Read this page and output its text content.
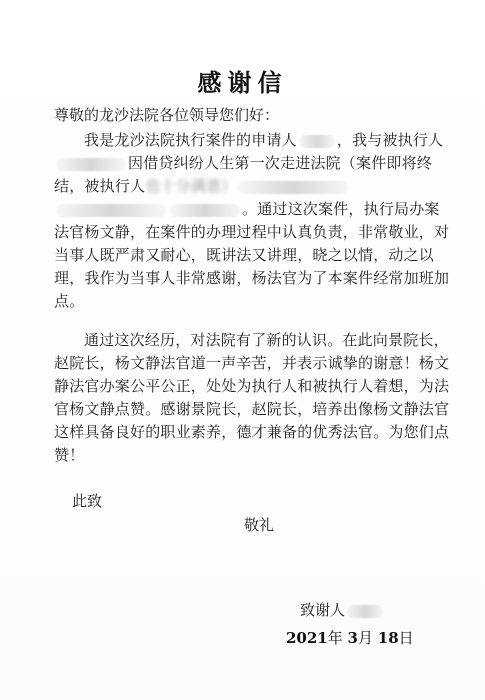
感谢信
尊敬的龙沙法院各位领导您们好：
我是龙沙法院执行案件的申请人	，我与被执行人因借贷纠纷人生第一次走进法院（案件即将终结，被执行人也十分满意）。通过这次案件，执行局办案法官杨文静，在案件的办理过程中认真负责，非常敬业，对当事人既严肃又耐心，既讲法又讲理，晓之以情，动之以理，我作为当事人非常感谢，杨法官为了本案件经常加班加点。
通过这次经历，对法院有了新的认识。在此向景院长，赵院长，杨文静法官道一声辛苦，并表示诚挚的谢意！杨文静法官办案公平公正，处处为执行人和被执行人着想，为法官杨文静点赞。感谢景院长，赵院长，培养出像杨文静法官这样具备良好的职业素养，德才兼备的优秀法官。为您们点赞！
此致
敬礼
致谢人
2021年 3月 18日
